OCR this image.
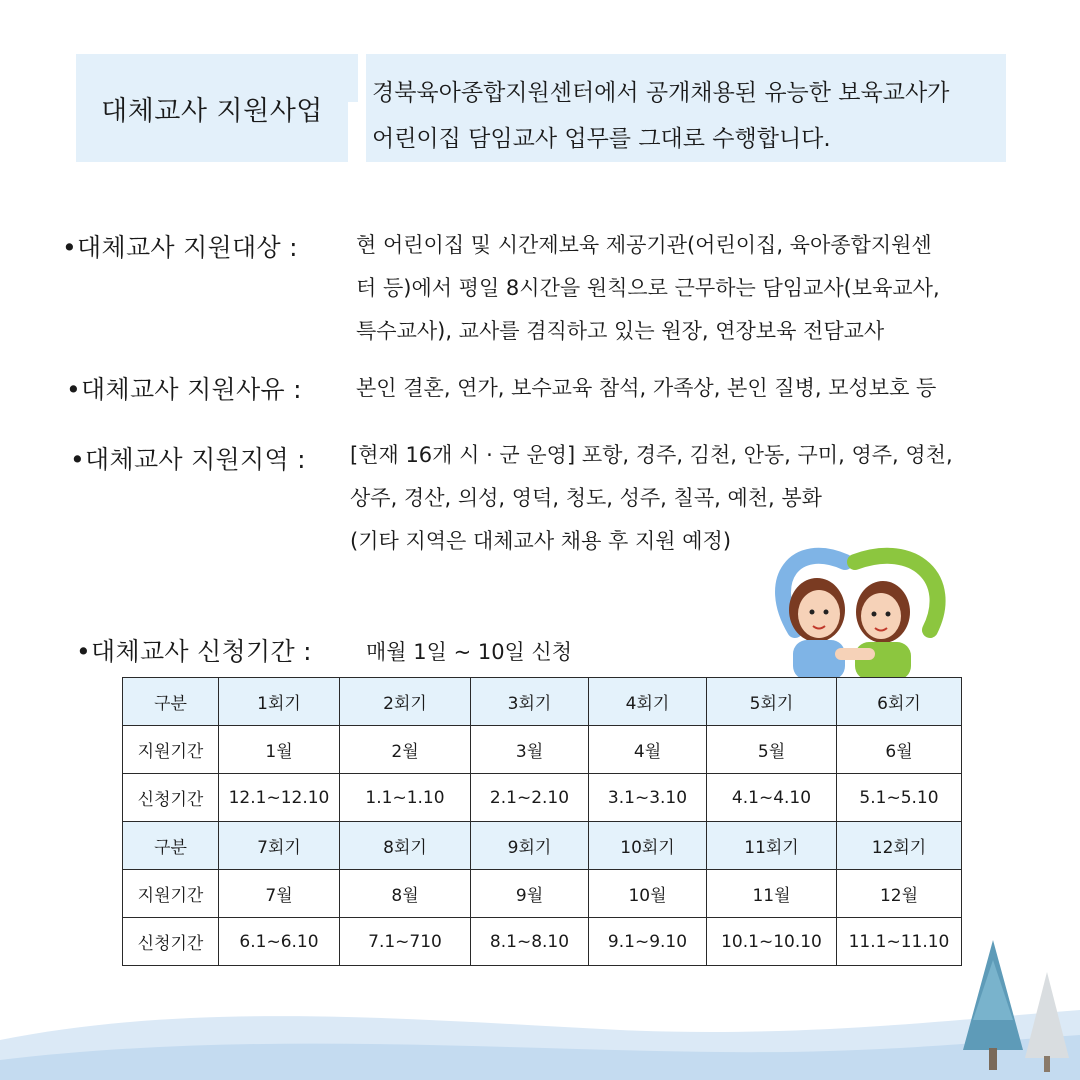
대체교사 지원사업
경북육아종합지원센터에서 공개채용된 유능한 보육교사가
어린이집 담임교사 업무를 그대로 수행합니다.
•대체교사 지원대상 :	현 어린이집 및 시간제보육 제공기관(어린이집, 육아종합지원센
터 등)에서 평일 8시간을 원칙으로 근무하는 담임교사(보육교사,
특수교사), 교사를 겸직하고 있는 원장, 연장보육 전담교사
•대체교사 지원사유 :	본인 결혼, 연가, 보수교육 참석, 가족상, 본인 질병, 모성보호 등
•대체교사 지원지역 : [현재 16개 시 · 군 운영] 포항, 경주, 김천, 안동, 구미, 영주, 영천,
상주, 경산, 의성, 영덕, 청도, 성주, 칠곡, 예천, 봉화
(기타 지역은 대체교사 채용 후 지원 예정)
•대체교사 신청기간 :	매월 1일 ~ 10일 신청
구분	1회기	2회기	3회기	4회기	5회기	6회기
지원기간	1월	2월	3월	4월	5월	6월
신청기간	12.1~12.10	1.1~1.10	2.1~2.10	3.1~3.10	4.1~4.10	5.1~5.10
구분	7회기	8회기	9회기	10회기	11회기	12회기
지원기간	7월	8월	9월	10월	11월	12월
신청기간	6.1~6.10	7.1~710	8.1~8.10	9.1~9.10	10.1~10.10	11.1~11.10
